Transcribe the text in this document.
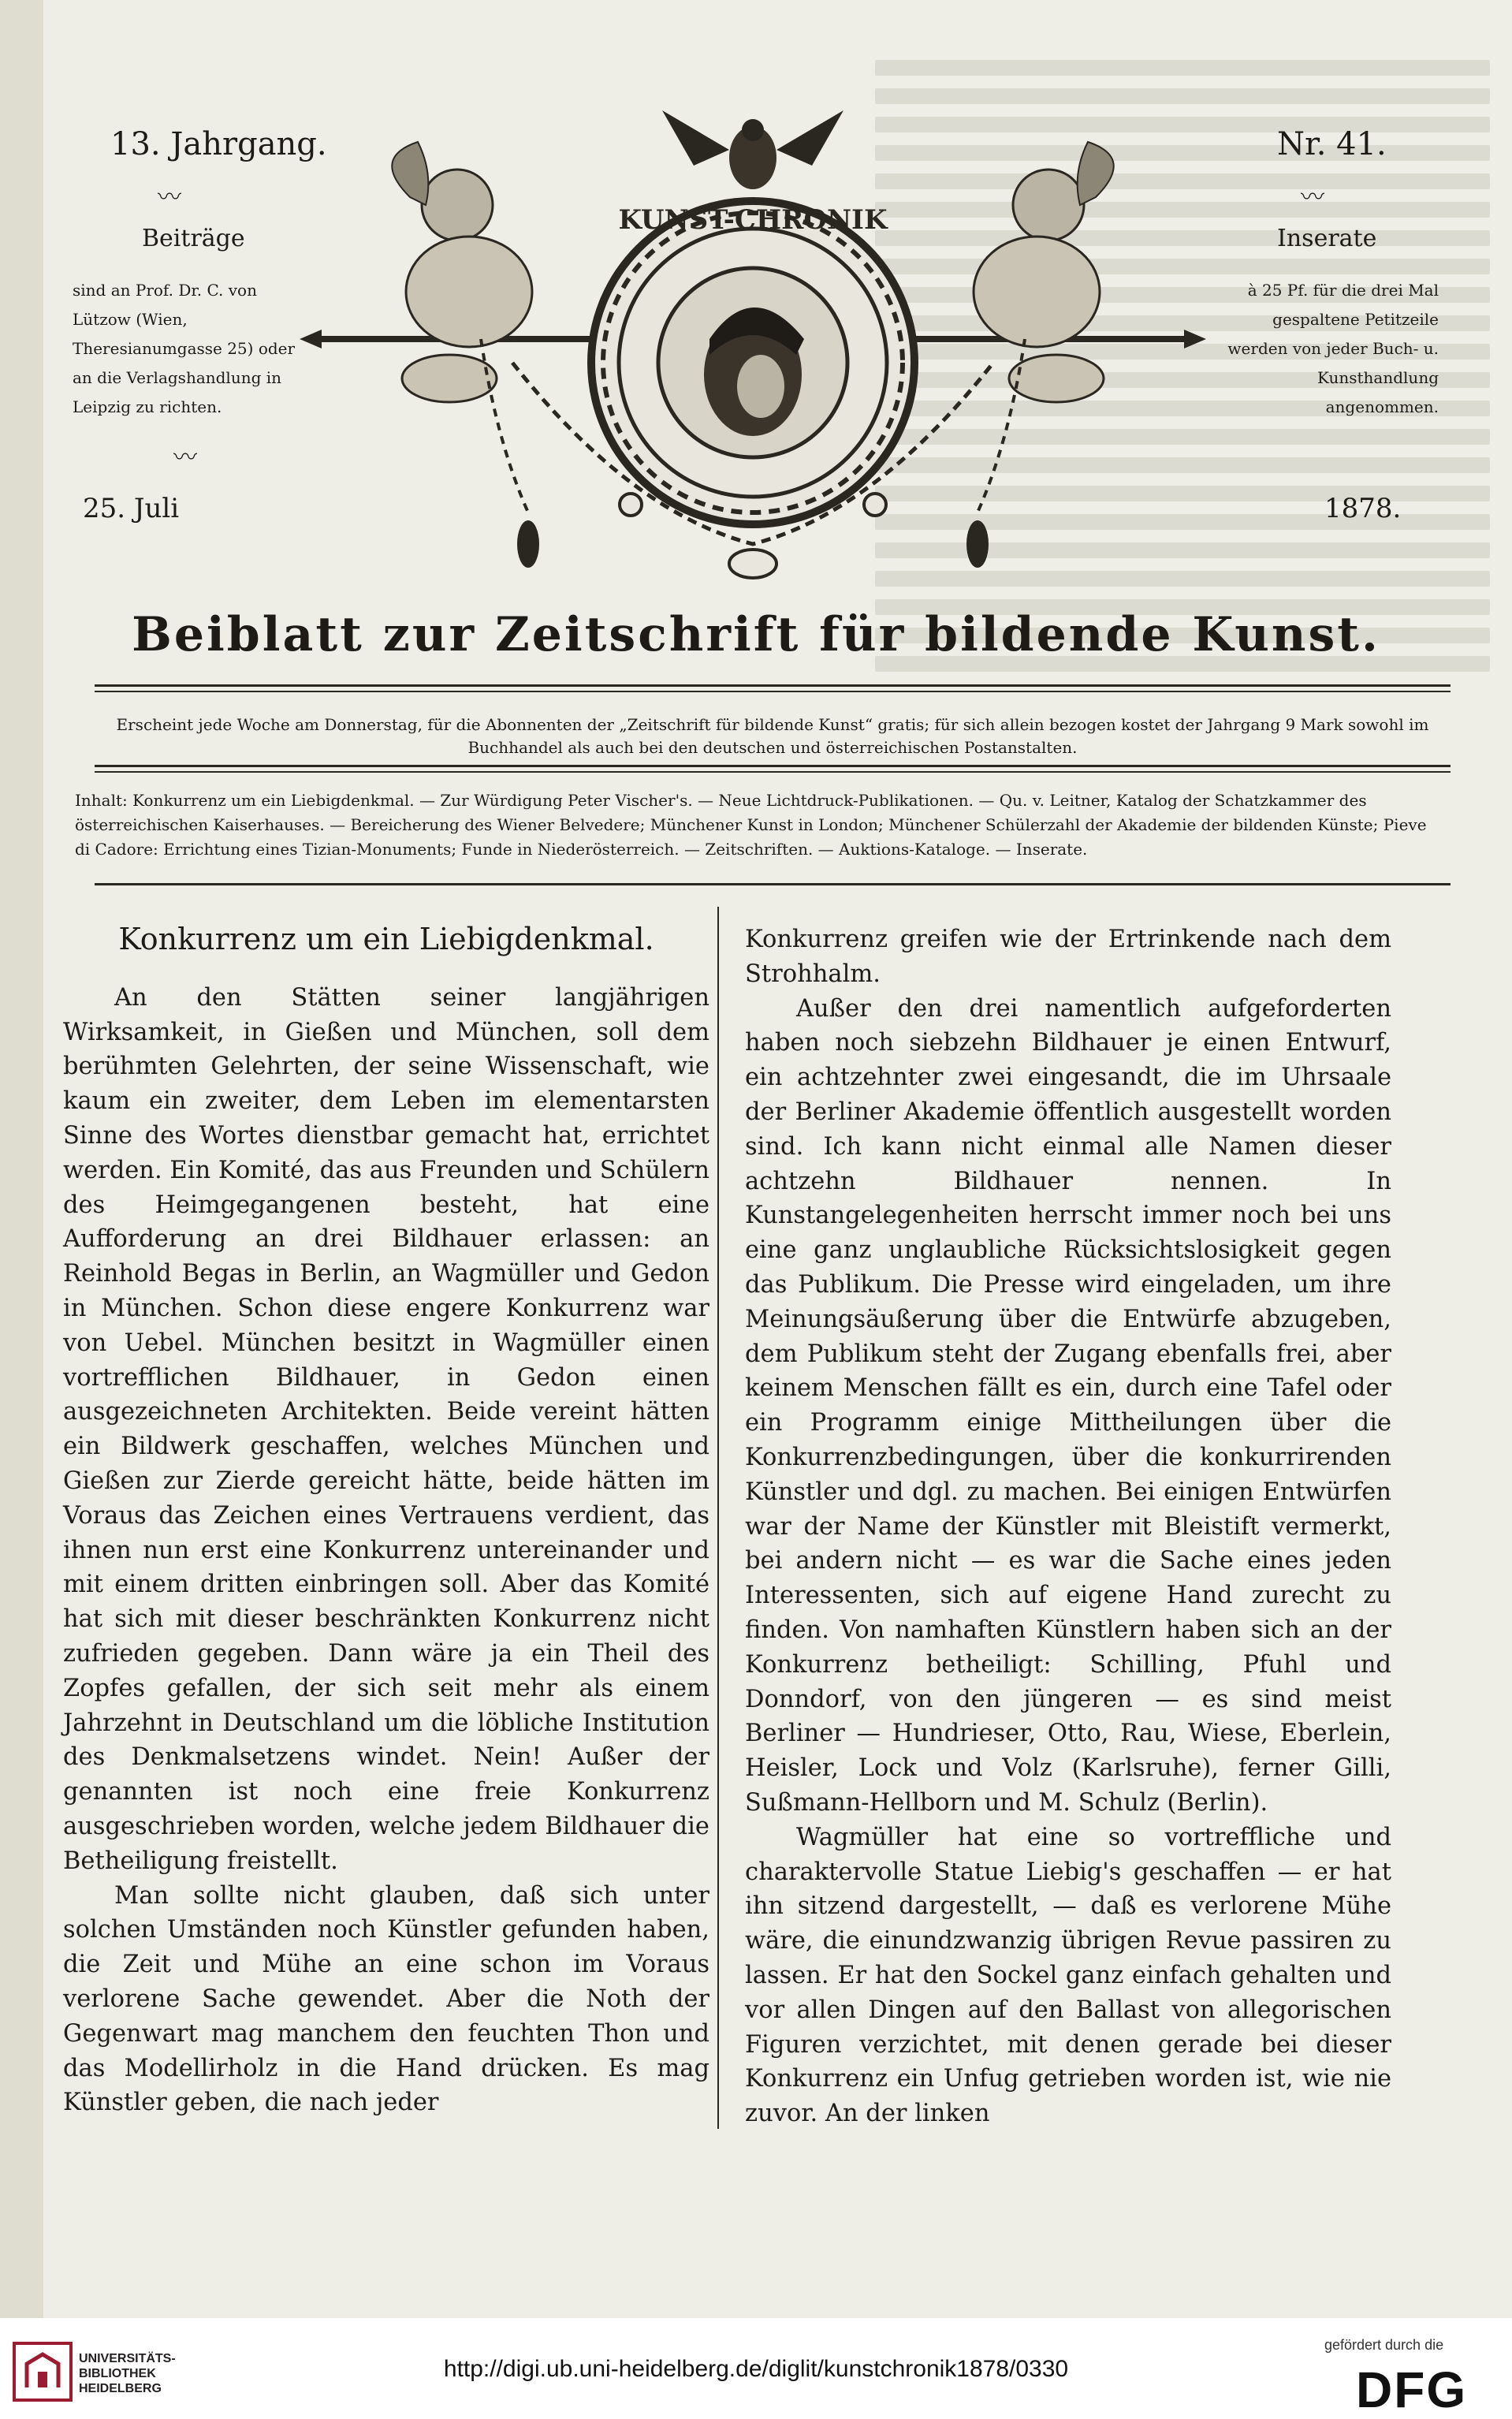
13. Jahrgang.	Nr. 41.
〰	〰
〰
Beiträge
sind an Prof. Dr. C. von Lützow (Wien, Theresianumgasse 25) oder an die Verlagshandlung in Leipzig zu richten.
Inserate
à 25 Pf. für die drei Mal gespaltene Petitzeile werden von jeder Buch- u. Kunsthandlung angenommen.
25. Juli	1878.
KUNST-CHRONIK
Beiblatt zur Zeitschrift für bildende Kunst.
Erscheint jede Woche am Donnerstag, für die Abonnenten der „Zeitschrift für bildende Kunst“ gratis; für sich allein bezogen kostet der Jahrgang 9 Mark sowohl im Buchhandel als auch bei den deutschen und österreichischen Postanstalten.
Inhalt: Konkurrenz um ein Liebigdenkmal. — Zur Würdigung Peter Vischer's. — Neue Lichtdruck-Publikationen. — Qu. v. Leitner, Katalog der Schatzkammer des österreichischen Kaiserhauses. — Bereicherung des Wiener Belvedere; Münchener Kunst in London; Münchener Schülerzahl der Akademie der bildenden Künste; Pieve di Cadore: Errichtung eines Tizian-Monuments; Funde in Niederösterreich. — Zeitschriften. — Auktions-Kataloge. — Inserate.
Konkurrenz um ein Liebigdenkmal.

An den Stätten seiner langjährigen Wirksamkeit, in Gießen und München, soll dem berühmten Gelehrten, der seine Wissenschaft, wie kaum ein zweiter, dem Leben im elementarsten Sinne des Wortes dienstbar gemacht hat, errichtet werden. Ein Komité, das aus Freunden und Schülern des Heimgegangenen besteht, hat eine Aufforderung an drei Bildhauer erlassen: an Reinhold Begas in Berlin, an Wagmüller und Gedon in München. Schon diese engere Konkurrenz war von Uebel. München besitzt in Wagmüller einen vortrefflichen Bildhauer, in Gedon einen ausgezeichneten Architekten. Beide vereint hätten ein Bildwerk geschaffen, welches München und Gießen zur Zierde gereicht hätte, beide hätten im Voraus das Zeichen eines Vertrauens verdient, das ihnen nun erst eine Konkurrenz untereinander und mit einem dritten einbringen soll. Aber das Komité hat sich mit dieser beschränkten Konkurrenz nicht zufrieden gegeben. Dann wäre ja ein Theil des Zopfes gefallen, der sich seit mehr als einem Jahrzehnt in Deutschland um die löbliche Institution des Denkmalsetzens windet. Nein! Außer der genannten ist noch eine freie Konkurrenz ausgeschrieben worden, welche jedem Bildhauer die Betheiligung freistellt.

Man sollte nicht glauben, daß sich unter solchen Umständen noch Künstler gefunden haben, die Zeit und Mühe an eine schon im Voraus verlorene Sache gewendet. Aber die Noth der Gegenwart mag manchem den feuchten Thon und das Modellirholz in die Hand drücken. Es mag Künstler geben, die nach jeder

Konkurrenz greifen wie der Ertrinkende nach dem Strohhalm.

Außer den drei namentlich aufgeforderten haben noch siebzehn Bildhauer je einen Entwurf, ein achtzehnter zwei eingesandt, die im Uhrsaale der Berliner Akademie öffentlich ausgestellt worden sind. Ich kann nicht einmal alle Namen dieser achtzehn Bildhauer nennen. In Kunstangelegenheiten herrscht immer noch bei uns eine ganz unglaubliche Rücksichtslosigkeit gegen das Publikum. Die Presse wird eingeladen, um ihre Meinungsäußerung über die Entwürfe abzugeben, dem Publikum steht der Zugang ebenfalls frei, aber keinem Menschen fällt es ein, durch eine Tafel oder ein Programm einige Mittheilungen über die Konkurrenzbedingungen, über die konkurrirenden Künstler und dgl. zu machen. Bei einigen Entwürfen war der Name der Künstler mit Bleistift vermerkt, bei andern nicht — es war die Sache eines jeden Interessenten, sich auf eigene Hand zurecht zu finden. Von namhaften Künstlern haben sich an der Konkurrenz betheiligt: Schilling, Pfuhl und Donndorf, von den jüngeren — es sind meist Berliner — Hundrieser, Otto, Rau, Wiese, Eberlein, Heisler, Lock und Volz (Karlsruhe), ferner Gilli, Sußmann-Hellborn und M. Schulz (Berlin).

Wagmüller hat eine so vortreffliche und charaktervolle Statue Liebig's geschaffen — er hat ihn sitzend dargestellt, — daß es verlorene Mühe wäre, die einundzwanzig übrigen Revue passiren zu lassen. Er hat den Sockel ganz einfach gehalten und vor allen Dingen auf den Ballast von allegorischen Figuren verzichtet, mit denen gerade bei dieser Konkurrenz ein Unfug getrieben worden ist, wie nie zuvor. An der linken

UNIVERSITÄTS-
BIBLIOTHEK
HEIDELBERG
http://digi.ub.uni-heidelberg.de/diglit/kunstchronik1878/0330
gefördert durch die
DFG
